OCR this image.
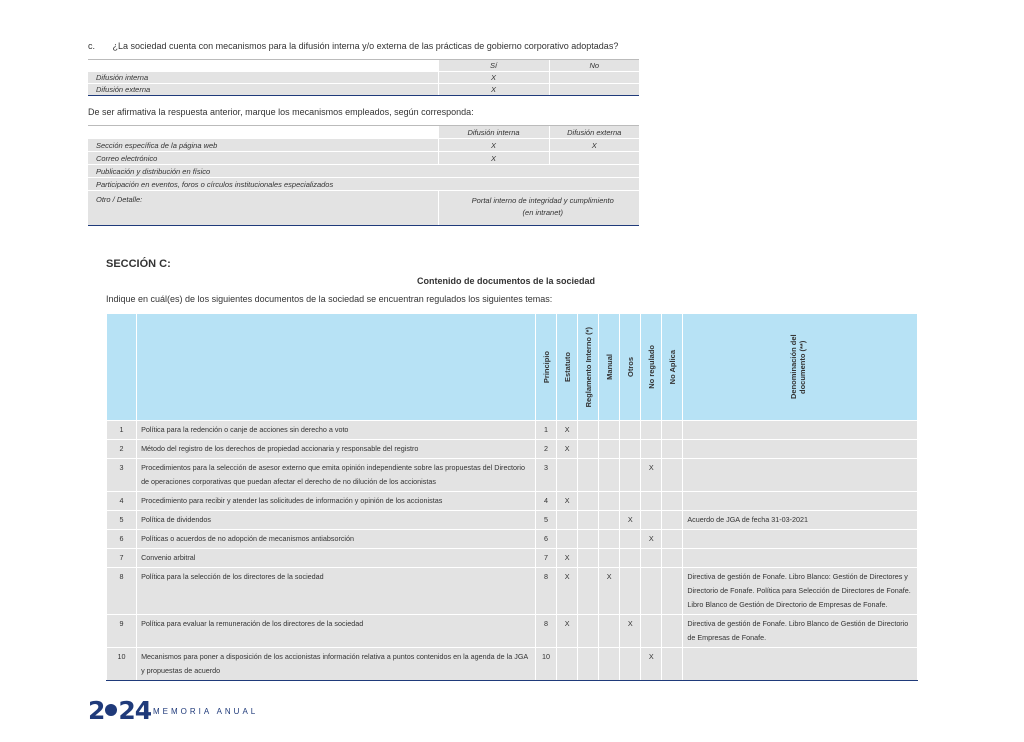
c. ¿La sociedad cuenta con mecanismos para la difusión interna y/o externa de las prácticas de gobierno corporativo adoptadas?
	Sí	No
Difusión interna	X	
Difusión externa	X	
De ser afirmativa la respuesta anterior, marque los mecanismos empleados, según corresponda:
	Difusión interna	Difusión externa
Sección específica de la página web	X	X
Correo electrónico	X	
Publicación y distribución en físico		
Participación en eventos, foros o círculos institucionales especializados		
Otro / Detalle:	Portal interno de integridad y cumplimiento
(en intranet)	
SECCIÓN C:
Contenido de documentos de la sociedad
Indique en cuál(es) de los siguientes documentos de la sociedad se encuentran regulados los siguientes temas:

		Principio	Estatuto	Reglamento Interno (*)	Manual	Otros	No regulado	No Aplica	Denominación del documento (**)

1	Política para la redención o canje de acciones sin derecho a voto	1	X						
2	Método del registro de los derechos de propiedad accionaria y responsable del registro	2	X						
3	Procedimientos para la selección de asesor externo que emita opinión independiente sobre las propuestas del Directorio de operaciones corporativas que puedan afectar el derecho de no dilución de los accionistas	3					X		
4	Procedimiento para recibir y atender las solicitudes de información y opinión de los accionistas	4	X						
5	Política de dividendos	5				X			Acuerdo de JGA de fecha 31-03-2021
6	Políticas o acuerdos de no adopción de mecanismos antiabsorción	6					X		
7	Convenio arbitral	7	X						
8	Política para la selección de los directores de la sociedad	8	X		X				Directiva de gestión de Fonafe. Libro Blanco: Gestión de Directores y Directorio de Fonafe. Política para Selección de Directores de Fonafe. Libro Blanco de Gestión de Directorio de Empresas de Fonafe.
9	Política para evaluar la remuneración de los directores de la sociedad	8	X			X			Directiva de gestión de Fonafe. Libro Blanco de Gestión de Directorio de Empresas de Fonafe.
10	Mecanismos para poner a disposición de los accionistas información relativa a puntos contenidos en la agenda de la JGA y propuestas de acuerdo	10					X		
2 24 MEMORIA ANUAL
